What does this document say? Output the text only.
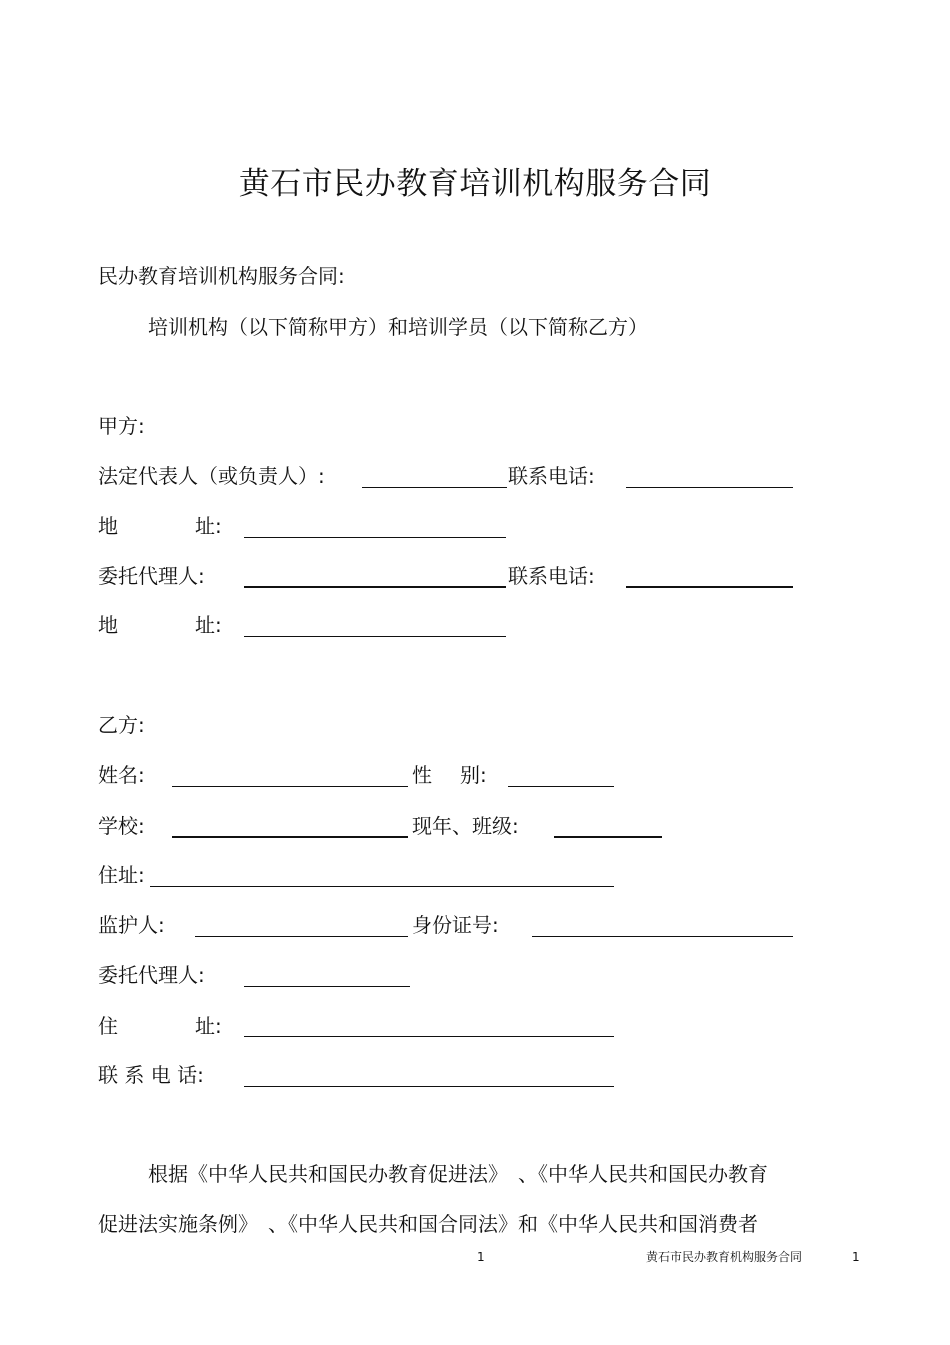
黄石市民办教育培训机构服务合同
民办教育培训机构服务合同:
培训机构（以下简称甲方）和培训学员（以下简称乙方）
甲方:
法定代表人（或负责人）:	联系电话:
地	址:
委托代理人:	联系电话:
地	址:
乙方:
姓名:	性 别:
学校:	现年、班级:
住址:
监护人:	身份证号:
委托代理人:
住	址:
联 系 电 话:
根据《中华人民共和国民办教育促进法》　、《中华人民共和国民办教育
促进法实施条例》　、《中华人民共和国合同法》和《中华人民共和国消费者
1	黄石市民办教育机构服务合同	1
